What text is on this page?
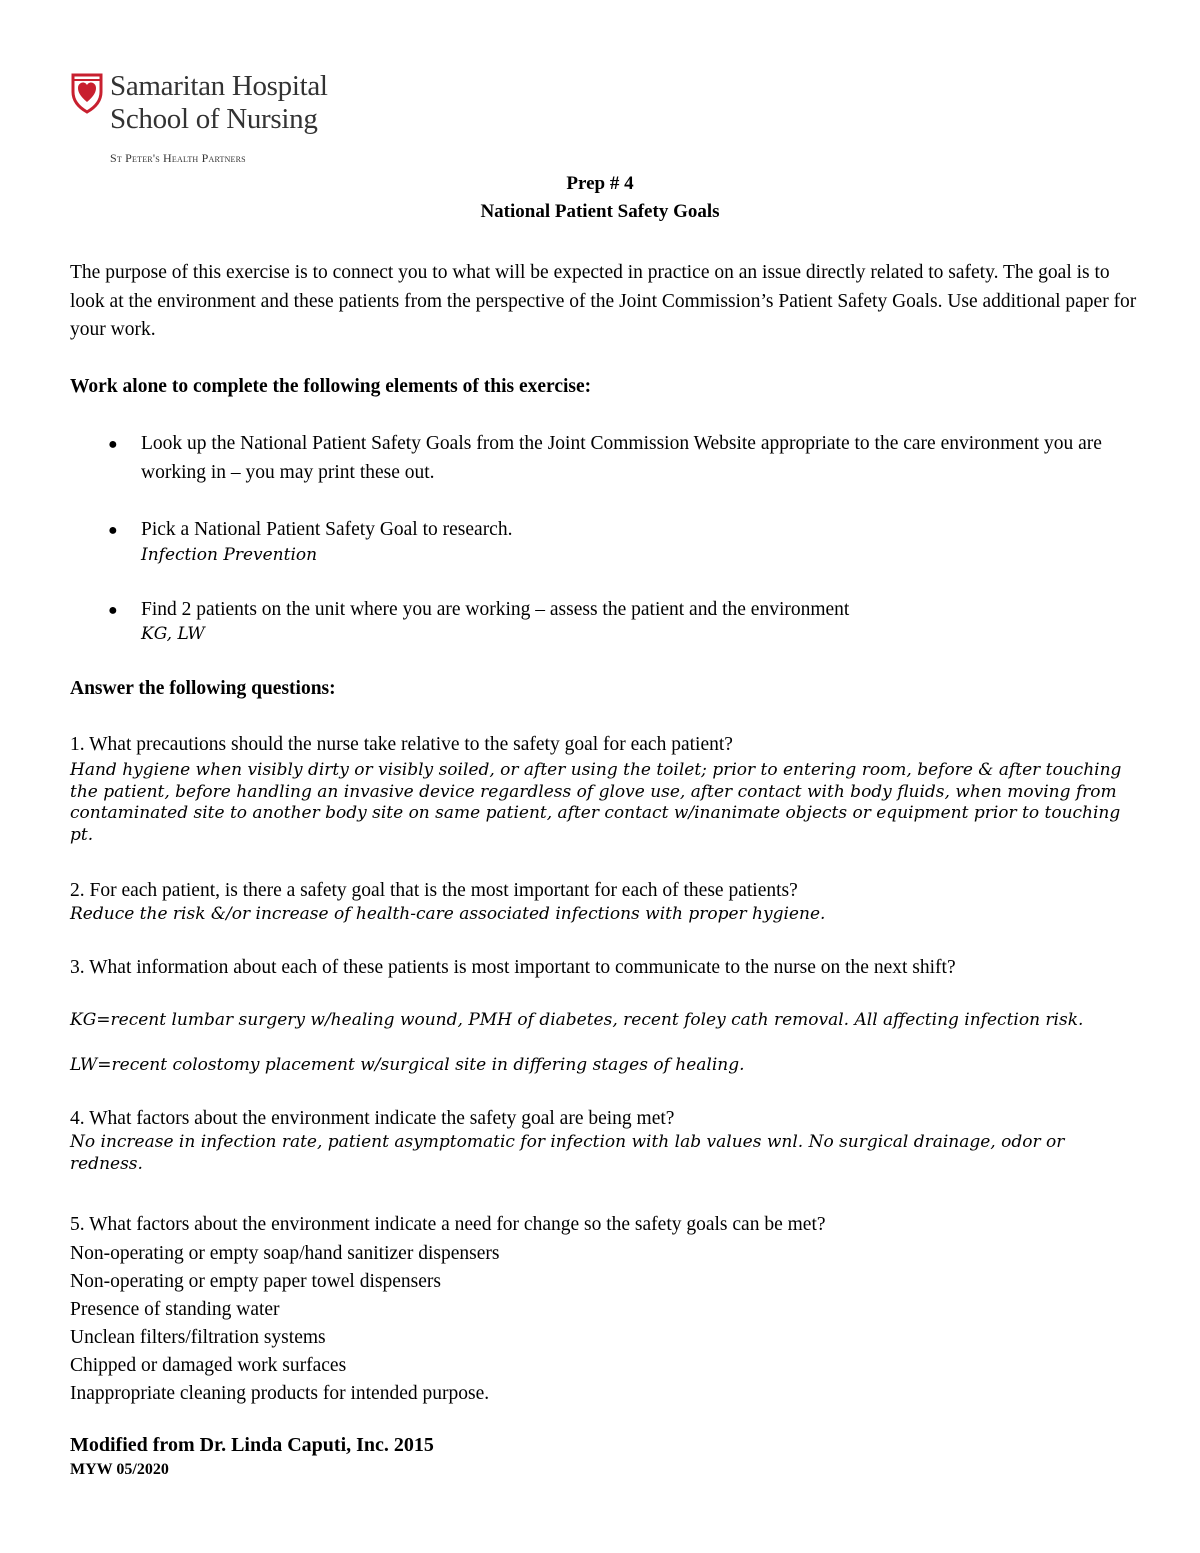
Samaritan Hospital
School of Nursing
St Peter's Health Partners
Prep # 4
National Patient Safety Goals
The purpose of this exercise is to connect you to what will be expected in practice on an issue directly related to safety. The goal is to look at the environment and these patients from the perspective of the Joint Commission’s Patient Safety Goals. Use additional paper for your work.
Work alone to complete the following elements of this exercise:
● Look up the National Patient Safety Goals from the Joint Commission Website appropriate to the care environment you are working in – you may print these out.
● Pick a National Patient Safety Goal to research.
Infection Prevention
● Find 2 patients on the unit where you are working – assess the patient and the environment
KG, LW
Answer the following questions:
1. What precautions should the nurse take relative to the safety goal for each patient?
Hand hygiene when visibly dirty or visibly soiled, or after using the toilet; prior to entering room, before & after touching the patient, before handling an invasive device regardless of glove use, after contact with body fluids, when moving from contaminated site to another body site on same patient, after contact w/inanimate objects or equipment prior to touching pt.
2. For each patient, is there a safety goal that is the most important for each of these patients?
Reduce the risk &/or increase of health-care associated infections with proper hygiene.
3. What information about each of these patients is most important to communicate to the nurse on the next shift?
KG=recent lumbar surgery w/healing wound, PMH of diabetes, recent foley cath removal. All affecting infection risk.
LW=recent colostomy placement w/surgical site in differing stages of healing.
4. What factors about the environment indicate the safety goal are being met?
No increase in infection rate, patient asymptomatic for infection with lab values wnl. No surgical drainage, odor or redness.
5. What factors about the environment indicate a need for change so the safety goals can be met?
Non-operating or empty soap/hand sanitizer dispensers
Non-operating or empty paper towel dispensers
Presence of standing water
Unclean filters/filtration systems
Chipped or damaged work surfaces
Inappropriate cleaning products for intended purpose.
Modified from Dr. Linda Caputi, Inc. 2015
MYW 05/2020
